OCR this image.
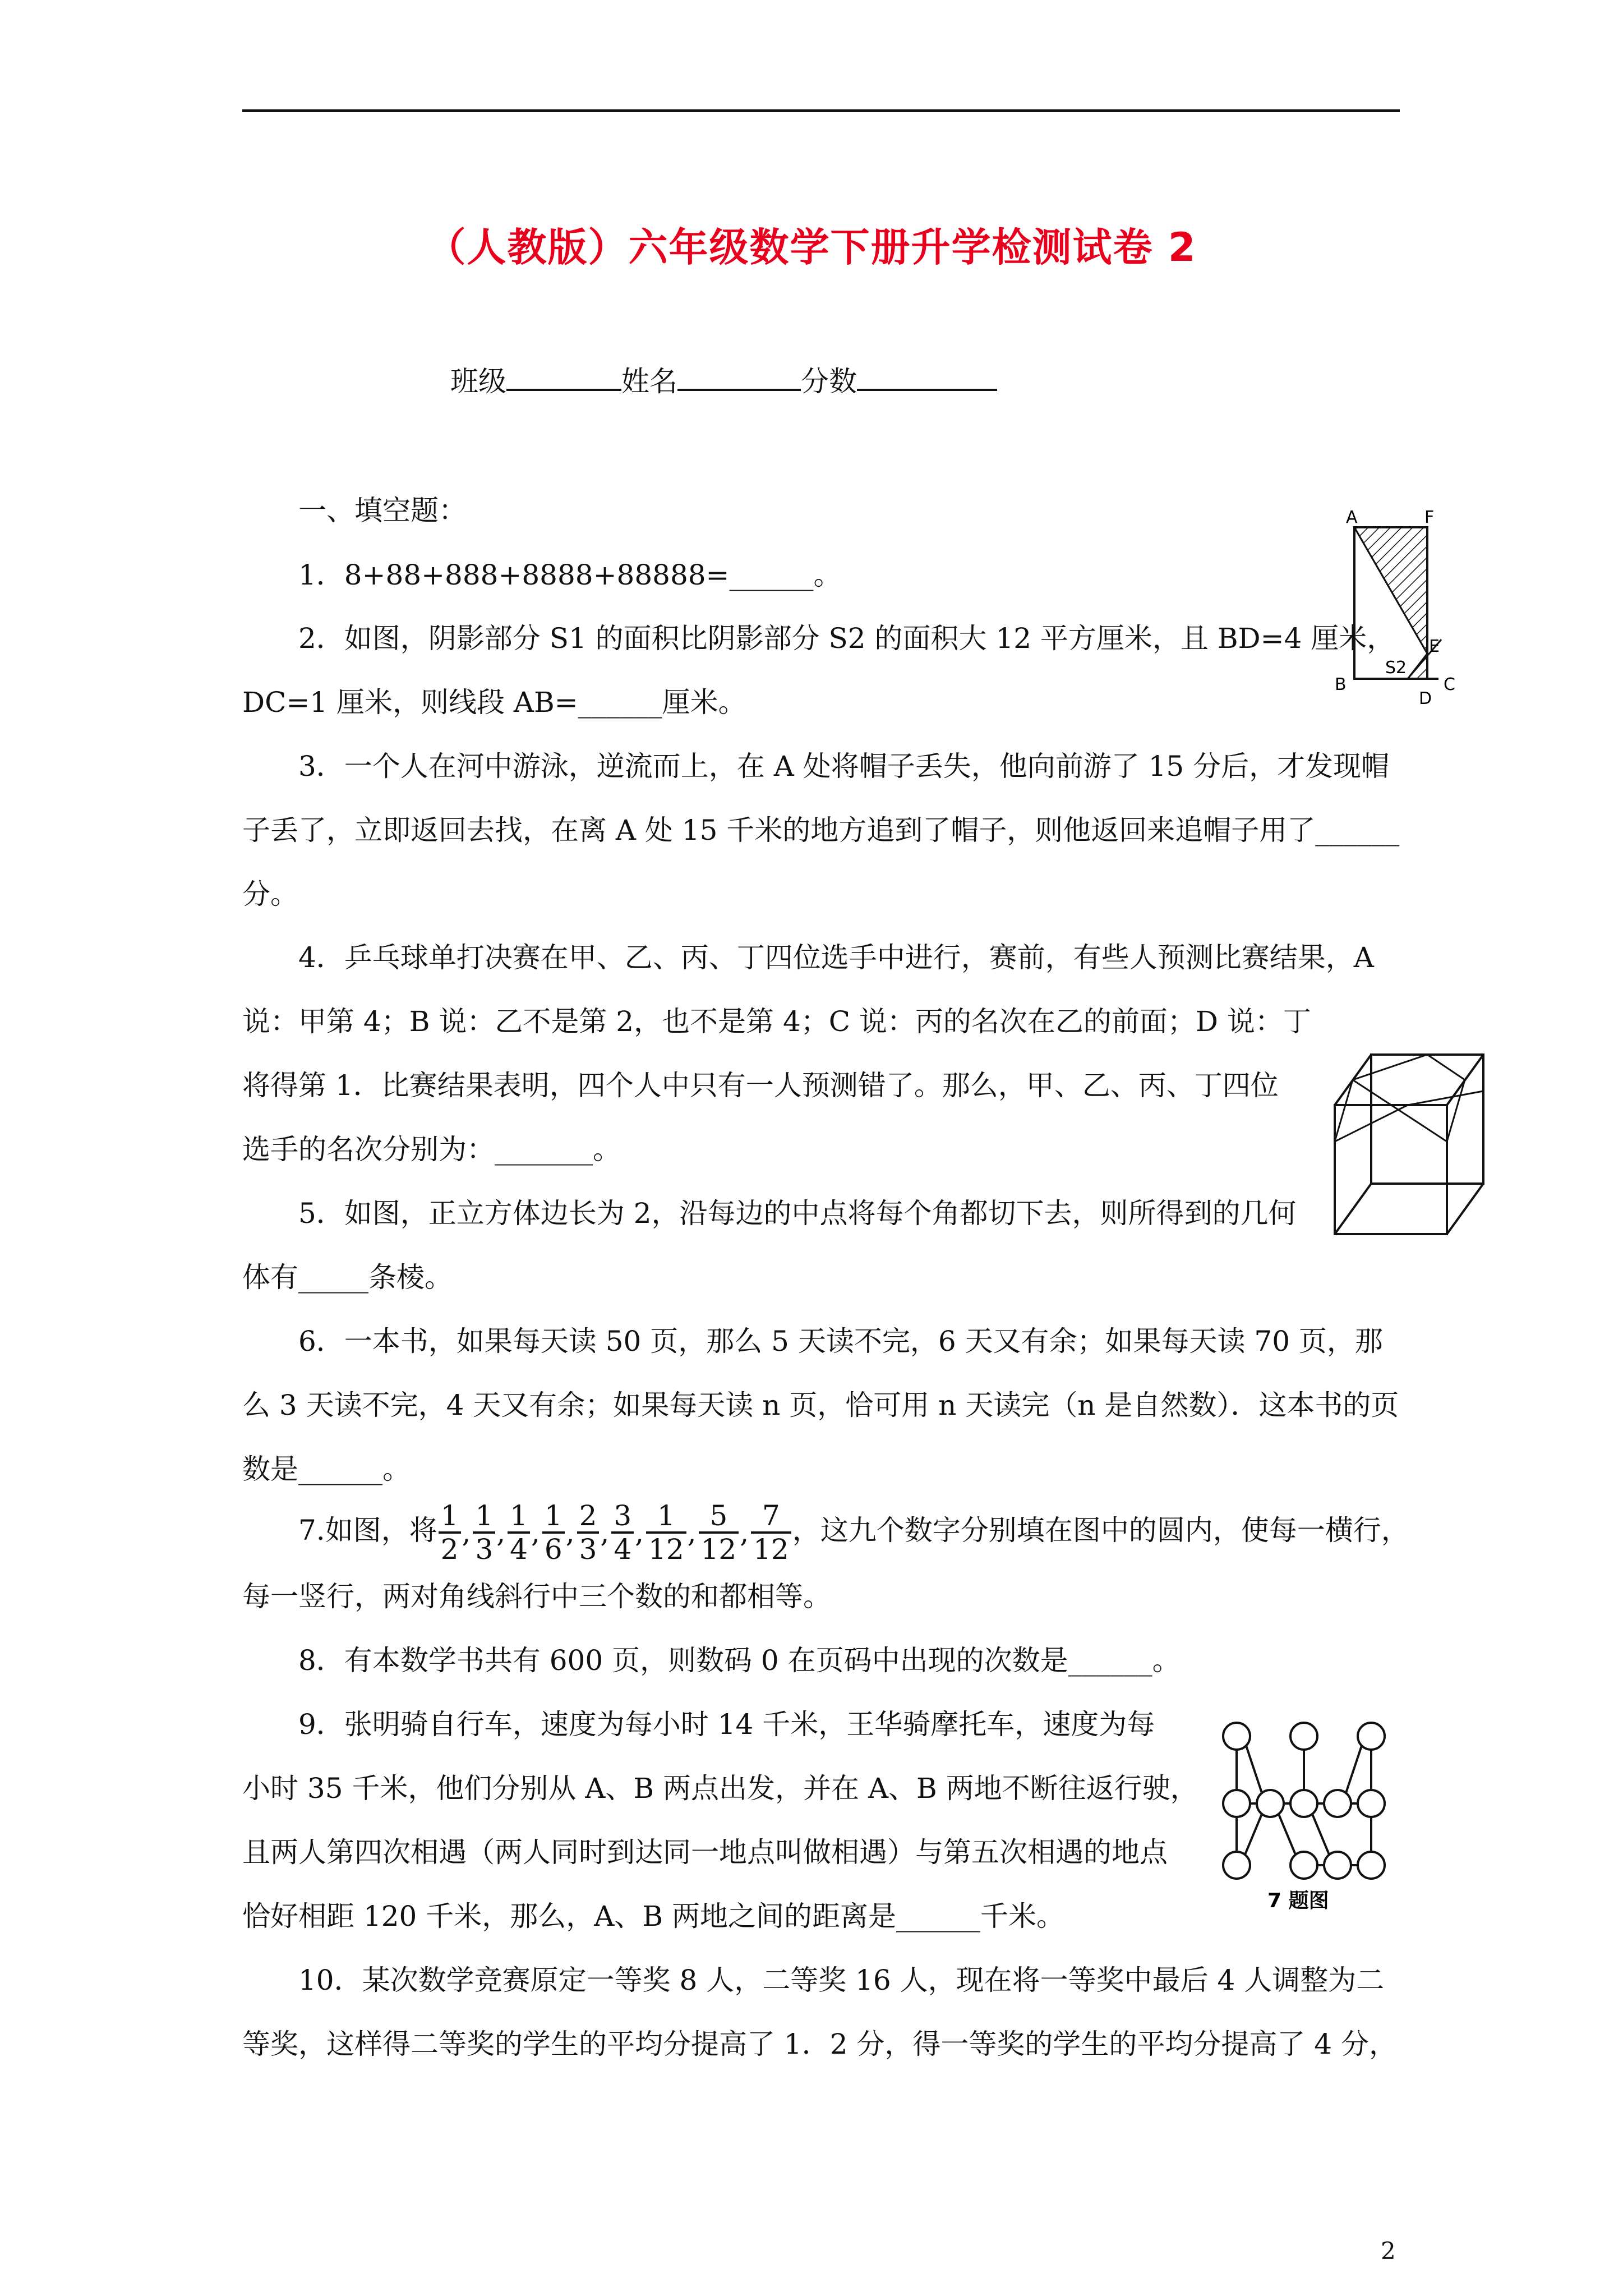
（人教版）六年级数学下册升学检测试卷 2
班级	姓名	分数
一、填空题：
1．8+88+888+8888+88888=______。
2．如图，阴影部分 S1 的面积比阴影部分 S2 的面积大 12 平方厘米，且 BD=4 厘米，
DC=1 厘米，则线段 AB=______厘米。
3．一个人在河中游泳，逆流而上，在 A 处将帽子丢失，他向前游了 15 分后，才发现帽
子丢了，立即返回去找，在离 A 处 15 千米的地方追到了帽子，则他返回来追帽子用了______
分。
4．乒乓球单打决赛在甲、乙、丙、丁四位选手中进行，赛前，有些人预测比赛结果，A
说：甲第 4；B 说：乙不是第 2，也不是第 4；C 说：丙的名次在乙的前面；D 说：丁
将得第 1．比赛结果表明，四个人中只有一人预测错了。那么，甲、乙、丙、丁四位
选手的名次分别为：_______。
5．如图，正立方体边长为 2，沿每边的中点将每个角都切下去，则所得到的几何
体有_____条棱。
6．一本书，如果每天读 50 页，那么 5 天读不完，6 天又有余；如果每天读 70 页，那
么 3 天读不完，4 天又有余；如果每天读 n 页，恰可用 n 天读完（n 是自然数）．这本书的页
数是______。
7.如图，将 $\frac{1}{2}$ , $\frac{1}{3}$ , $\frac{1}{4}$ , $\frac{1}{6}$ , $\frac{2}{3}$ , $\frac{3}{4}$ , $\frac{1}{12}$ , $\frac{5}{12}$ , $\frac{7}{12}$ ，这九个数字分别填在图中的圆内，使每一横行，
每一竖行，两对角线斜行中三个数的和都相等。
8．有本数学书共有 600 页，则数码 0 在页码中出现的次数是______。
9．张明骑自行车，速度为每小时 14 千米，王华骑摩托车，速度为每
小时 35 千米，他们分别从 A、B 两点出发，并在 A、B 两地不断往返行驶，
且两人第四次相遇（两人同时到达同一地点叫做相遇）与第五次相遇的地点
恰好相距 120 千米，那么，A、B 两地之间的距离是______千米。
10．某次数学竞赛原定一等奖 8 人，二等奖 16 人，现在将一等奖中最后 4 人调整为二
等奖，这样得二等奖的学生的平均分提高了 1．2 分，得一等奖的学生的平均分提高了 4 分，
A	F
B
S2
D
E
C
7 题图
2
